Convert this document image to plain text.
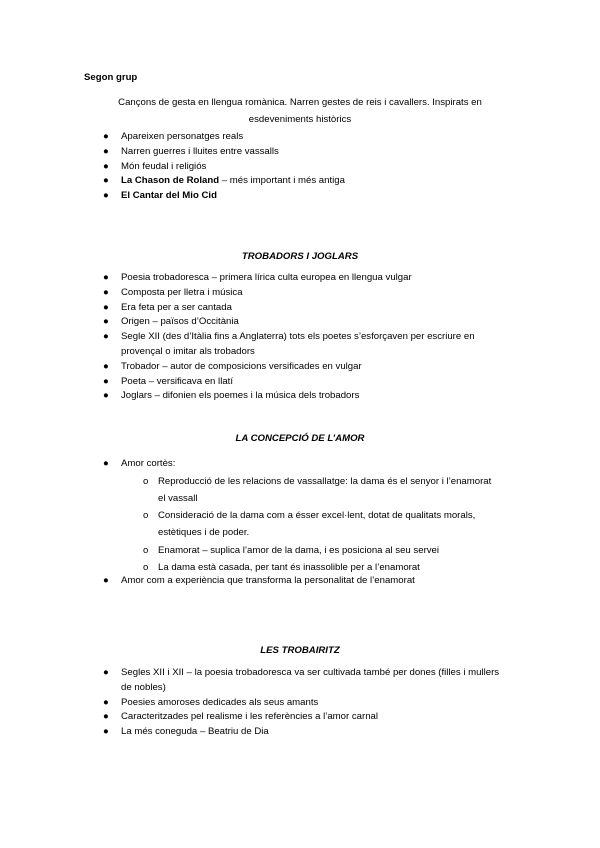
Segon grup
Cançons de gesta en llengua romànica. Narren gestes de reis i cavallers. Inspirats en esdeveniments històrics
● Apareixen personatges reals
● Narren guerres i lluites entre vassalls
● Món feudal i religiós
● La Chason de Roland – més important i més antiga
● El Cantar del Mio Cid
TROBADORS I JOGLARS
● Poesia trobadoresca – primera lírica culta europea en llengua vulgar
● Composta per lletra i música
● Era feta per a ser cantada
● Origen – països d’Occitània
● Segle XII (des d’Itàlia fins a Anglaterra) tots els poetes s’esforçaven per escriure en provençal o imitar als trobadors
● Trobador – autor de composicions versificades en vulgar
● Poeta – versificava en llatí
● Joglars – difonien els poemes i la música dels trobadors
LA CONCEPCIÓ DE L’AMOR
● Amor cortès:
o Reproducció de les relacions de vassallatge: la dama és el senyor i l’enamorat el vassall
o Consideració de la dama com a ésser excel·lent, dotat de qualitats morals, estètiques i de poder.
o Enamorat – suplica l’amor de la dama, i es posiciona al seu servei
o La dama està casada, per tant és inassolible per a l’enamorat
● Amor com a experiència que transforma la personalitat de l’enamorat
LES TROBAIRITZ
● Segles XII i XII – la poesia trobadoresca va ser cultivada també per dones (filles i mullers de nobles)
● Poesies amoroses dedicades als seus amants
● Caracteritzades pel realisme i les referències a l’amor carnal
● La més coneguda – Beatriu de Dia
